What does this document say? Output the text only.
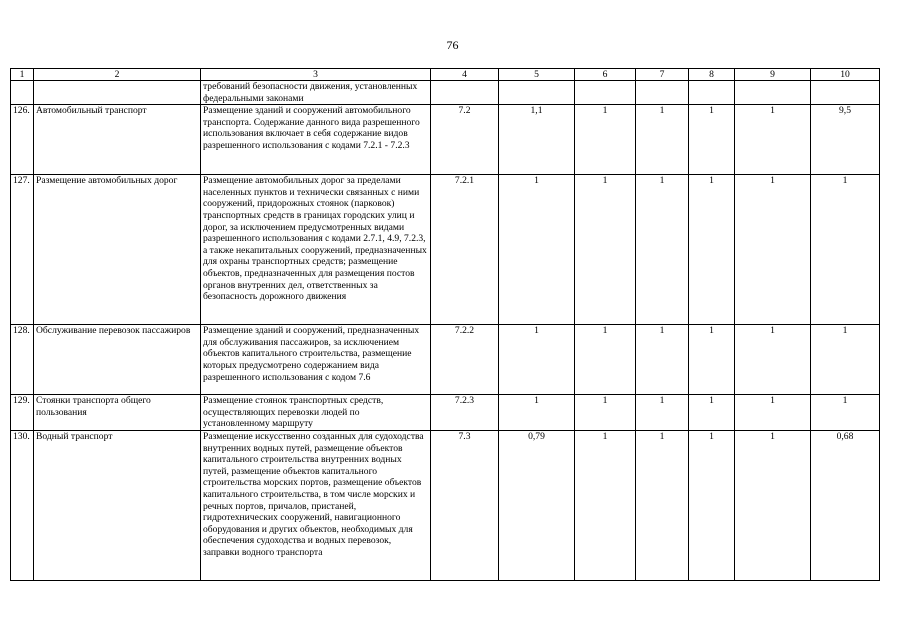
76
1	2	3	4	5	6	7	8	9	10
		требований безопасности движения, установленных федеральными законами							
126.	Автомобильный транспорт	Размещение зданий и сооружений автомобильного транспорта. Содержание данного вида разрешенного использования включает в себя содержание видов разрешенного использования с кодами 7.2.1 - 7.2.3	7.2	1,1	1	1	1	1	9,5
127.	Размещение автомобильных дорог	Размещение автомобильных дорог за пределами населенных пунктов и технически связанных с ними сооружений, придорожных стоянок (парковок) транспортных средств в границах городских улиц и дорог, за исключением предусмотренных видами разрешенного использования с кодами 2.7.1, 4.9, 7.2.3, а также некапитальных сооружений, предназначенных для охраны транспортных средств; размещение объектов, предназначенных для размещения постов органов внутренних дел, ответственных за безопасность дорожного движения	7.2.1	1	1	1	1	1	1
128.	Обслуживание перевозок пассажиров	Размещение зданий и сооружений, предназначенных для обслуживания пассажиров, за исключением объектов капитального строительства, размещение которых предусмотрено содержанием вида разрешенного использования с кодом 7.6	7.2.2	1	1	1	1	1	1
129.	Стоянки транспорта общего пользования	Размещение стоянок транспортных средств, осуществляющих перевозки людей по установленному маршруту	7.2.3	1	1	1	1	1	1
130.	Водный транспорт	Размещение искусственно созданных для судоходства внутренних водных путей, размещение объектов капитального строительства внутренних водных путей, размещение объектов капитального строительства морских портов, размещение объектов капитального строительства, в том числе морских и речных портов, причалов, пристаней, гидротехнических сооружений, навигационного оборудования и других объектов, необходимых для обеспечения судоходства и водных перевозок, заправки водного транспорта	7.3	0,79	1	1	1	1	0,68
